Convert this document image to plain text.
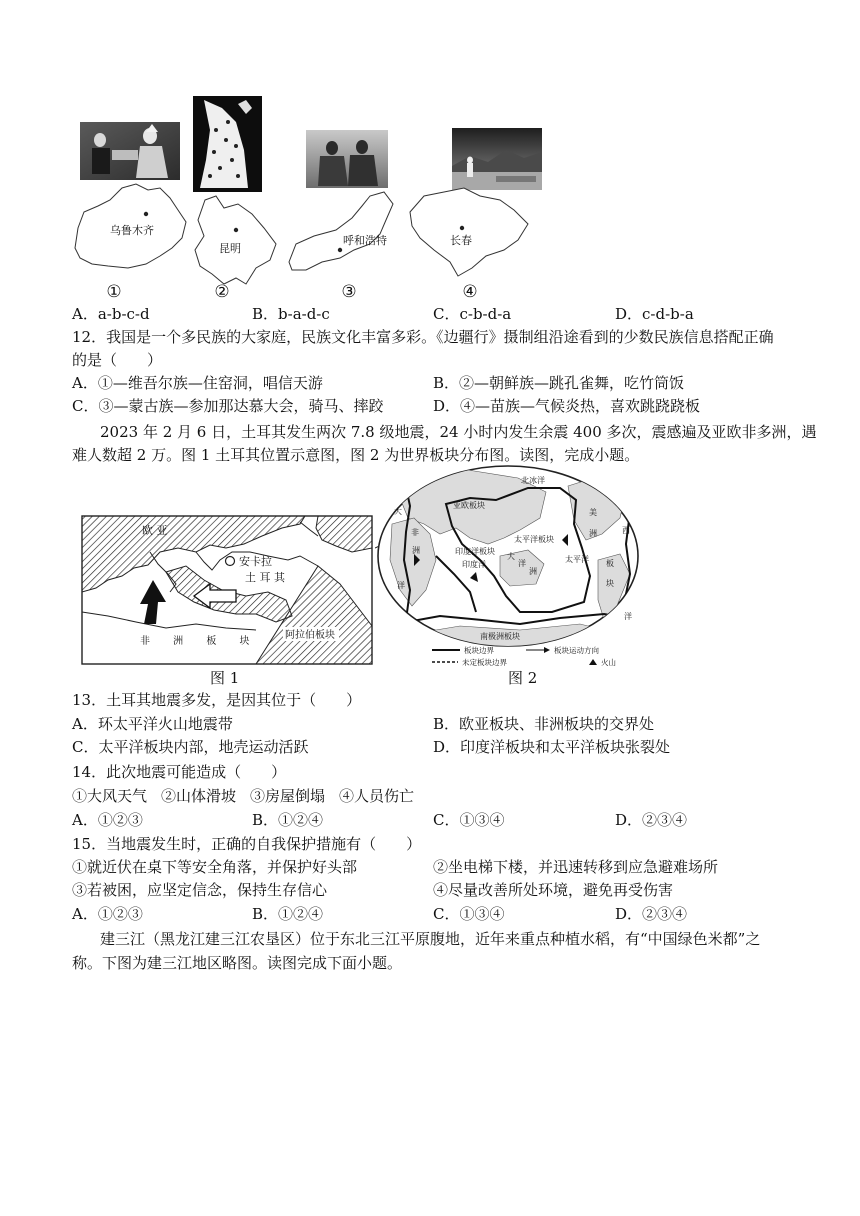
乌鲁木齐
①
昆明
②
呼和浩特
③
长春
④
A．a-b-c-d	B．b-a-d-c	C．c-b-d-a	D．c-d-b-a
12．我国是一个多民族的大家庭，民族文化丰富多彩。《边疆行》摄制组沿途看到的少数民族信息搭配正确
的是（　　）
A．①—维吾尔族—住窑洞，唱信天游	B．②—朝鲜族—跳孔雀舞，吃竹筒饭
C．③—蒙古族—参加那达慕大会，骑马、摔跤	D．④—苗族—气候炎热，喜欢跳跷跷板
2023 年 2 月 6 日，土耳其发生两次 7.8 级地震，24 小时内发生余震 400 多次，震感遍及亚欧非多洲，遇
难人数超 2 万。图 1 土耳其位置示意图，图 2 为世界板块分布图。读图，完成小题。
欧 亚
安卡拉
土 耳 其
非 洲 板 块
阿拉伯板块
图 1
北冰洋
亚欧板块
太平洋板块
太平洋
美
洲
板
块
西
洋
大
洋
非
洲	印度洋板块
印度洋
大
洋
洲
南极洲板块
板块边界	板块运动方向
未定板块边界	火山
图 2
13．土耳其地震多发，是因其位于（　　）
A．环太平洋火山地震带	B．欧亚板块、非洲板块的交界处
C．太平洋板块内部，地壳运动活跃	D．印度洋板块和太平洋板块张裂处
14．此次地震可能造成（　　）
①大风天气 ②山体滑坡 ③房屋倒塌 ④人员伤亡
A．①②③	B．①②④	C．①③④	D．②③④
15．当地震发生时，正确的自我保护措施有（　　）
①就近伏在桌下等安全角落，并保护好头部	②坐电梯下楼，并迅速转移到应急避难场所
③若被困，应坚定信念，保持生存信心	④尽量改善所处环境，避免再受伤害
A．①②③	B．①②④	C．①③④	D．②③④
建三江（黑龙江建三江农垦区）位于东北三江平原腹地，近年来重点种植水稻，有“中国绿色米都”之
称。下图为建三江地区略图。读图完成下面小题。
